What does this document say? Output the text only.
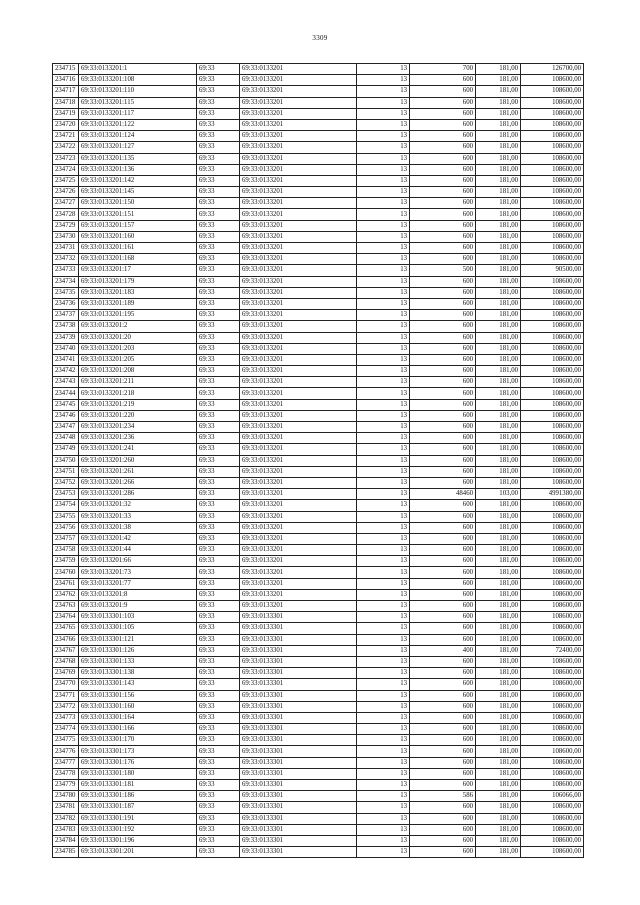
3309
234715	69:33:0133201:1	69:33	69:33:0133201	13	700	181,00	126700,00
234716	69:33:0133201:108	69:33	69:33:0133201	13	600	181,00	108600,00
234717	69:33:0133201:110	69:33	69:33:0133201	13	600	181,00	108600,00
234718	69:33:0133201:115	69:33	69:33:0133201	13	600	181,00	108600,00
234719	69:33:0133201:117	69:33	69:33:0133201	13	600	181,00	108600,00
234720	69:33:0133201:122	69:33	69:33:0133201	13	600	181,00	108600,00
234721	69:33:0133201:124	69:33	69:33:0133201	13	600	181,00	108600,00
234722	69:33:0133201:127	69:33	69:33:0133201	13	600	181,00	108600,00
234723	69:33:0133201:135	69:33	69:33:0133201	13	600	181,00	108600,00
234724	69:33:0133201:136	69:33	69:33:0133201	13	600	181,00	108600,00
234725	69:33:0133201:142	69:33	69:33:0133201	13	600	181,00	108600,00
234726	69:33:0133201:145	69:33	69:33:0133201	13	600	181,00	108600,00
234727	69:33:0133201:150	69:33	69:33:0133201	13	600	181,00	108600,00
234728	69:33:0133201:151	69:33	69:33:0133201	13	600	181,00	108600,00
234729	69:33:0133201:157	69:33	69:33:0133201	13	600	181,00	108600,00
234730	69:33:0133201:160	69:33	69:33:0133201	13	600	181,00	108600,00
234731	69:33:0133201:161	69:33	69:33:0133201	13	600	181,00	108600,00
234732	69:33:0133201:168	69:33	69:33:0133201	13	600	181,00	108600,00
234733	69:33:0133201:17	69:33	69:33:0133201	13	500	181,00	90500,00
234734	69:33:0133201:179	69:33	69:33:0133201	13	600	181,00	108600,00
234735	69:33:0133201:183	69:33	69:33:0133201	13	600	181,00	108600,00
234736	69:33:0133201:189	69:33	69:33:0133201	13	600	181,00	108600,00
234737	69:33:0133201:195	69:33	69:33:0133201	13	600	181,00	108600,00
234738	69:33:0133201:2	69:33	69:33:0133201	13	600	181,00	108600,00
234739	69:33:0133201:20	69:33	69:33:0133201	13	600	181,00	108600,00
234740	69:33:0133201:203	69:33	69:33:0133201	13	600	181,00	108600,00
234741	69:33:0133201:205	69:33	69:33:0133201	13	600	181,00	108600,00
234742	69:33:0133201:208	69:33	69:33:0133201	13	600	181,00	108600,00
234743	69:33:0133201:211	69:33	69:33:0133201	13	600	181,00	108600,00
234744	69:33:0133201:218	69:33	69:33:0133201	13	600	181,00	108600,00
234745	69:33:0133201:219	69:33	69:33:0133201	13	600	181,00	108600,00
234746	69:33:0133201:220	69:33	69:33:0133201	13	600	181,00	108600,00
234747	69:33:0133201:234	69:33	69:33:0133201	13	600	181,00	108600,00
234748	69:33:0133201:236	69:33	69:33:0133201	13	600	181,00	108600,00
234749	69:33:0133201:241	69:33	69:33:0133201	13	600	181,00	108600,00
234750	69:33:0133201:260	69:33	69:33:0133201	13	600	181,00	108600,00
234751	69:33:0133201:261	69:33	69:33:0133201	13	600	181,00	108600,00
234752	69:33:0133201:266	69:33	69:33:0133201	13	600	181,00	108600,00
234753	69:33:0133201:286	69:33	69:33:0133201	13	48460	103,00	4991380,00
234754	69:33:0133201:32	69:33	69:33:0133201	13	600	181,00	108600,00
234755	69:33:0133201:33	69:33	69:33:0133201	13	600	181,00	108600,00
234756	69:33:0133201:38	69:33	69:33:0133201	13	600	181,00	108600,00
234757	69:33:0133201:42	69:33	69:33:0133201	13	600	181,00	108600,00
234758	69:33:0133201:44	69:33	69:33:0133201	13	600	181,00	108600,00
234759	69:33:0133201:66	69:33	69:33:0133201	13	600	181,00	108600,00
234760	69:33:0133201:73	69:33	69:33:0133201	13	600	181,00	108600,00
234761	69:33:0133201:77	69:33	69:33:0133201	13	600	181,00	108600,00
234762	69:33:0133201:8	69:33	69:33:0133201	13	600	181,00	108600,00
234763	69:33:0133201:9	69:33	69:33:0133201	13	600	181,00	108600,00
234764	69:33:0133301:103	69:33	69:33:0133301	13	600	181,00	108600,00
234765	69:33:0133301:105	69:33	69:33:0133301	13	600	181,00	108600,00
234766	69:33:0133301:121	69:33	69:33:0133301	13	600	181,00	108600,00
234767	69:33:0133301:126	69:33	69:33:0133301	13	400	181,00	72400,00
234768	69:33:0133301:133	69:33	69:33:0133301	13	600	181,00	108600,00
234769	69:33:0133301:138	69:33	69:33:0133301	13	600	181,00	108600,00
234770	69:33:0133301:143	69:33	69:33:0133301	13	600	181,00	108600,00
234771	69:33:0133301:156	69:33	69:33:0133301	13	600	181,00	108600,00
234772	69:33:0133301:160	69:33	69:33:0133301	13	600	181,00	108600,00
234773	69:33:0133301:164	69:33	69:33:0133301	13	600	181,00	108600,00
234774	69:33:0133301:166	69:33	69:33:0133301	13	600	181,00	108600,00
234775	69:33:0133301:170	69:33	69:33:0133301	13	600	181,00	108600,00
234776	69:33:0133301:173	69:33	69:33:0133301	13	600	181,00	108600,00
234777	69:33:0133301:176	69:33	69:33:0133301	13	600	181,00	108600,00
234778	69:33:0133301:180	69:33	69:33:0133301	13	600	181,00	108600,00
234779	69:33:0133301:181	69:33	69:33:0133301	13	600	181,00	108600,00
234780	69:33:0133301:186	69:33	69:33:0133301	13	586	181,00	106066,00
234781	69:33:0133301:187	69:33	69:33:0133301	13	600	181,00	108600,00
234782	69:33:0133301:191	69:33	69:33:0133301	13	600	181,00	108600,00
234783	69:33:0133301:192	69:33	69:33:0133301	13	600	181,00	108600,00
234784	69:33:0133301:196	69:33	69:33:0133301	13	600	181,00	108600,00
234785	69:33:0133301:201	69:33	69:33:0133301	13	600	181,00	108600,00
